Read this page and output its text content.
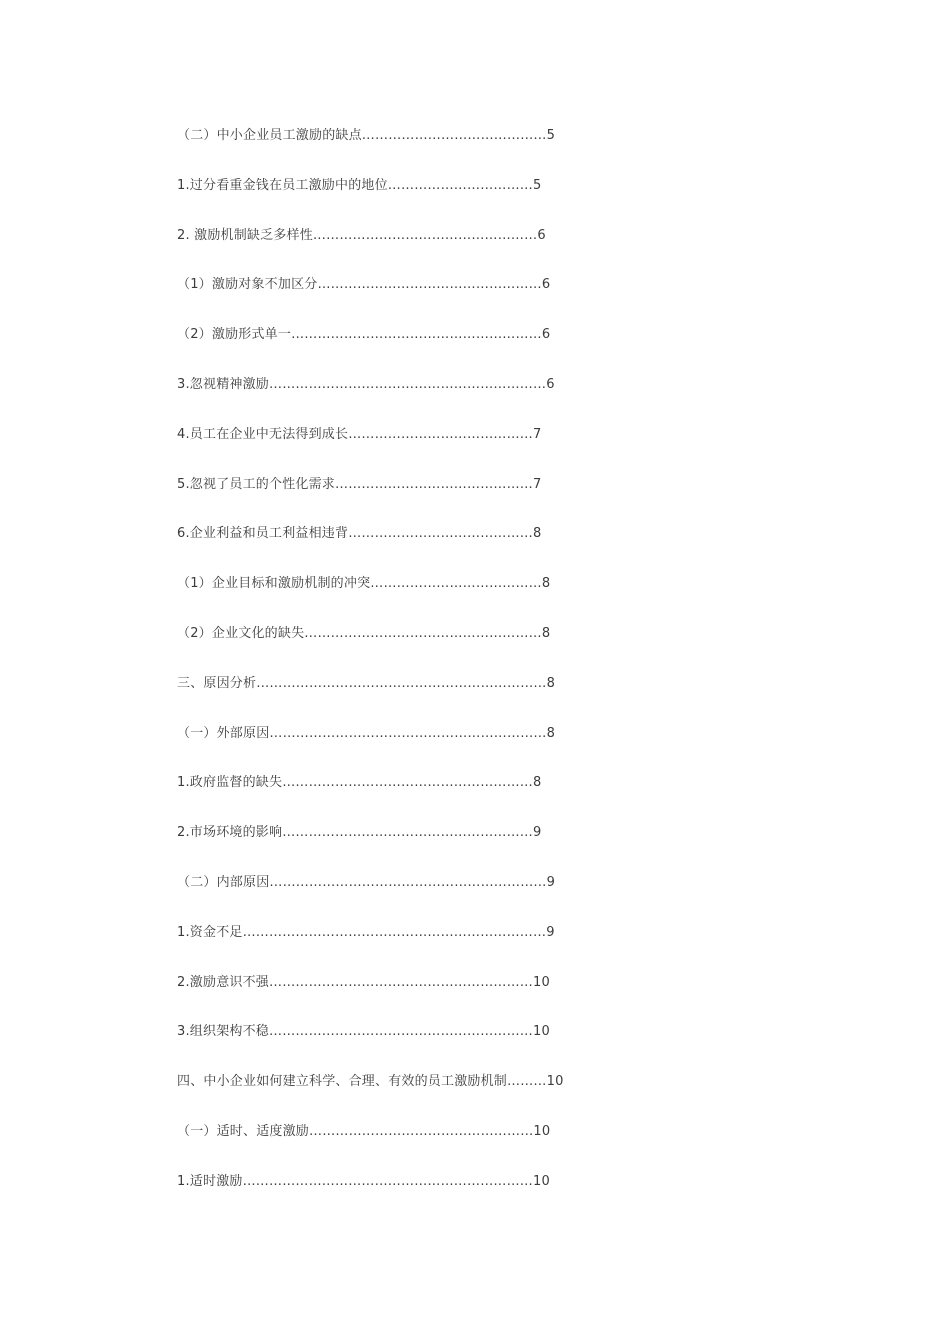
（二）中小企业员工激励的缺点……………………………………5
1.过分看重金钱在员工激励中的地位……………………………5
2. 激励机制缺乏多样性……………………………………………6
（1）激励对象不加区分……………………………………………6
（2）激励形式单一…………………………………………………6
3.忽视精神激励………………………………………………………6
4.员工在企业中无法得到成长……………………………………7
5.忽视了员工的个性化需求………………………………………7
6.企业利益和员工利益相违背……………………………………8
（1）企业目标和激励机制的冲突…………………………………8
（2）企业文化的缺失………………………………………………8
三、原因分析…………………………………………………………8
（一）外部原因………………………………………………………8
1.政府监督的缺失…………………………………………………8
2.市场环境的影响…………………………………………………9
（二）内部原因………………………………………………………9
1.资金不足……………………………………………………………9
2.激励意识不强……………………………………………………10
3.组织架构不稳……………………………………………………10
四、中小企业如何建立科学、合理、有效的员工激励机制………10
（一）适时、适度激励……………………………………………10
1.适时激励…………………………………………………………10
